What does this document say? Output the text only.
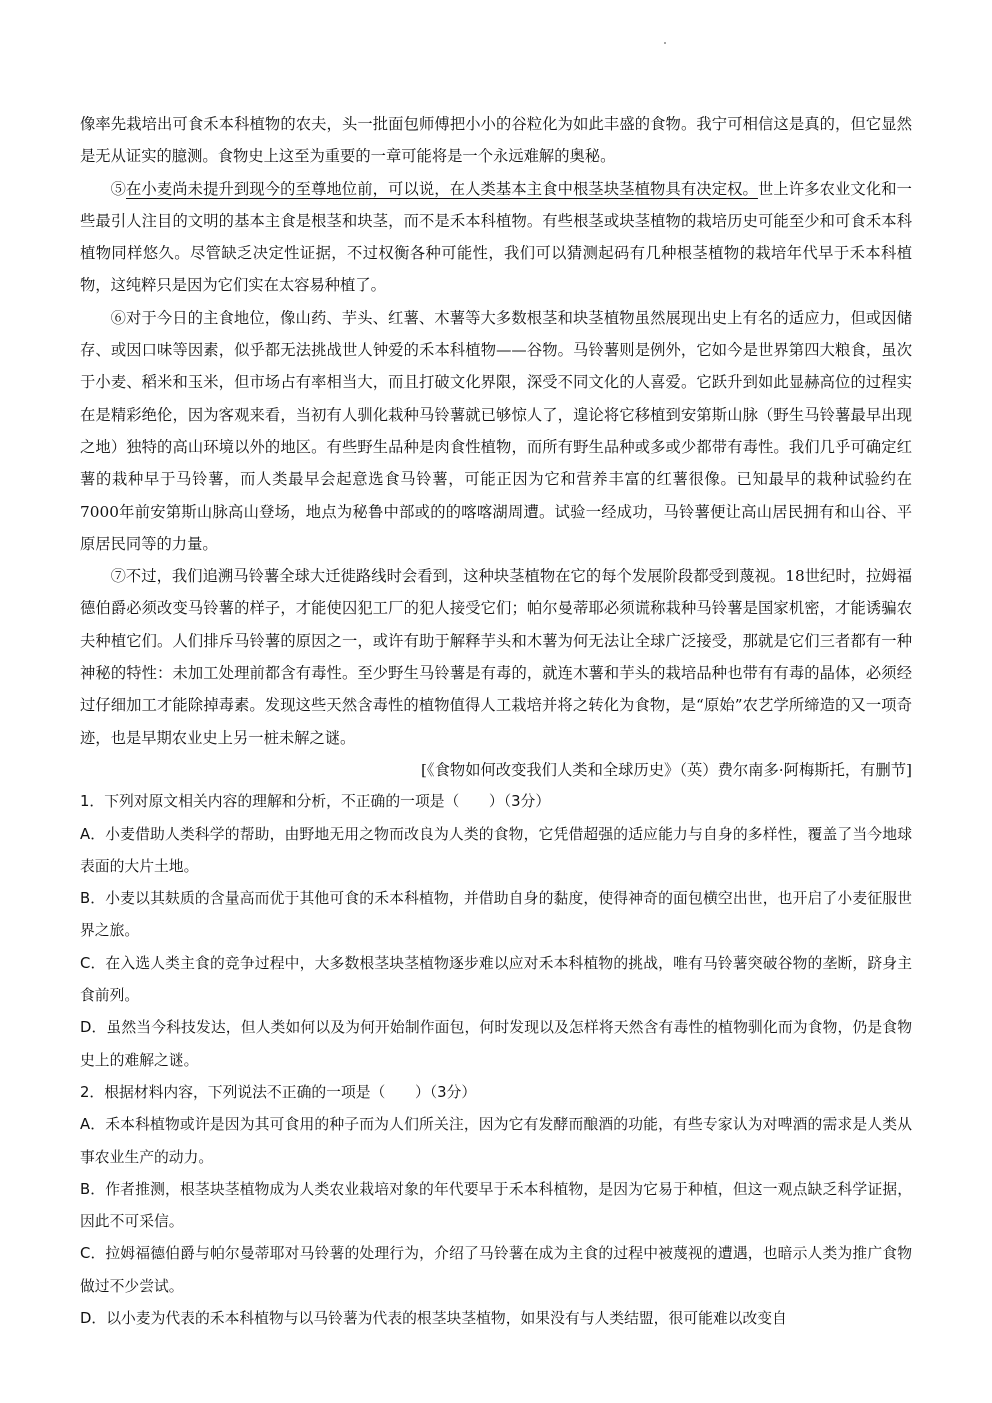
像率先栽培出可食禾本科植物的农夫，头一批面包师傅把小小的谷粒化为如此丰盛的食物。我宁可相信这是真的，但它显然是无从证实的臆测。食物史上这至为重要的一章可能将是一个永远难解的奥秘。

⑤在小麦尚未提升到现今的至尊地位前，可以说，在人类基本主食中根茎块茎植物具有决定权。世上许多农业文化和一些最引人注目的文明的基本主食是根茎和块茎，而不是禾本科植物。有些根茎或块茎植物的栽培历史可能至少和可食禾本科植物同样悠久。尽管缺乏决定性证据，不过权衡各种可能性，我们可以猜测起码有几种根茎植物的栽培年代早于禾本科植物，这纯粹只是因为它们实在太容易种植了。

⑥对于今日的主食地位，像山药、芋头、红薯、木薯等大多数根茎和块茎植物虽然展现出史上有名的适应力，但或因储存、或因口味等因素，似乎都无法挑战世人钟爱的禾本科植物——谷物。马铃薯则是例外，它如今是世界第四大粮食，虽次于小麦、稻米和玉米，但市场占有率相当大，而且打破文化界限，深受不同文化的人喜爱。它跃升到如此显赫高位的过程实在是精彩绝伦，因为客观来看，当初有人驯化栽种马铃薯就已够惊人了，遑论将它移植到安第斯山脉（野生马铃薯最早出现之地）独特的高山环境以外的地区。有些野生品种是肉食性植物，而所有野生品种或多或少都带有毒性。我们几乎可确定红薯的栽种早于马铃薯，而人类最早会起意选食马铃薯，可能正因为它和营养丰富的红薯很像。已知最早的栽种试验约在7000年前安第斯山脉高山登场，地点为秘鲁中部或的的喀喀湖周遭。试验一经成功，马铃薯便让高山居民拥有和山谷、平原居民同等的力量。

⑦不过，我们追溯马铃薯全球大迁徙路线时会看到，这种块茎植物在它的每个发展阶段都受到蔑视。18世纪时，拉姆福德伯爵必须改变马铃薯的样子，才能使囚犯工厂的犯人接受它们；帕尔曼蒂耶必须谎称栽种马铃薯是国家机密，才能诱骗农夫种植它们。人们排斥马铃薯的原因之一，或许有助于解释芋头和木薯为何无法让全球广泛接受，那就是它们三者都有一种神秘的特性：未加工处理前都含有毒性。至少野生马铃薯是有毒的，就连木薯和芋头的栽培品种也带有有毒的晶体，必须经过仔细加工才能除掉毒素。发现这些天然含毒性的植物值得人工栽培并将之转化为食物，是“原始”农艺学所缔造的又一项奇迹，也是早期农业史上另一桩未解之谜。

[《食物如何改变我们人类和全球历史》（英）费尔南多·阿梅斯托，有删节]

1．下列对原文相关内容的理解和分析，不正确的一项是（　　）（3分）

A．小麦借助人类科学的帮助，由野地无用之物而改良为人类的食物，它凭借超强的适应能力与自身的多样性，覆盖了当今地球表面的大片土地。

B．小麦以其麸质的含量高而优于其他可食的禾本科植物，并借助自身的黏度，使得神奇的面包横空出世，也开启了小麦征服世界之旅。

C．在入选人类主食的竞争过程中，大多数根茎块茎植物逐步难以应对禾本科植物的挑战，唯有马铃薯突破谷物的垄断，跻身主食前列。

D．虽然当今科技发达，但人类如何以及为何开始制作面包，何时发现以及怎样将天然含有毒性的植物驯化而为食物，仍是食物史上的难解之谜。

2．根据材料内容，下列说法不正确的一项是（　　）（3分）

A．禾本科植物或许是因为其可食用的种子而为人们所关注，因为它有发酵而酿酒的功能，有些专家认为对啤酒的需求是人类从事农业生产的动力。

B．作者推测，根茎块茎植物成为人类农业栽培对象的年代要早于禾本科植物，是因为它易于种植，但这一观点缺乏科学证据，因此不可采信。

C．拉姆福德伯爵与帕尔曼蒂耶对马铃薯的处理行为，介绍了马铃薯在成为主食的过程中被蔑视的遭遇，也暗示人类为推广食物做过不少尝试。

D．以小麦为代表的禾本科植物与以马铃薯为代表的根茎块茎植物，如果没有与人类结盟，很可能难以改变自
